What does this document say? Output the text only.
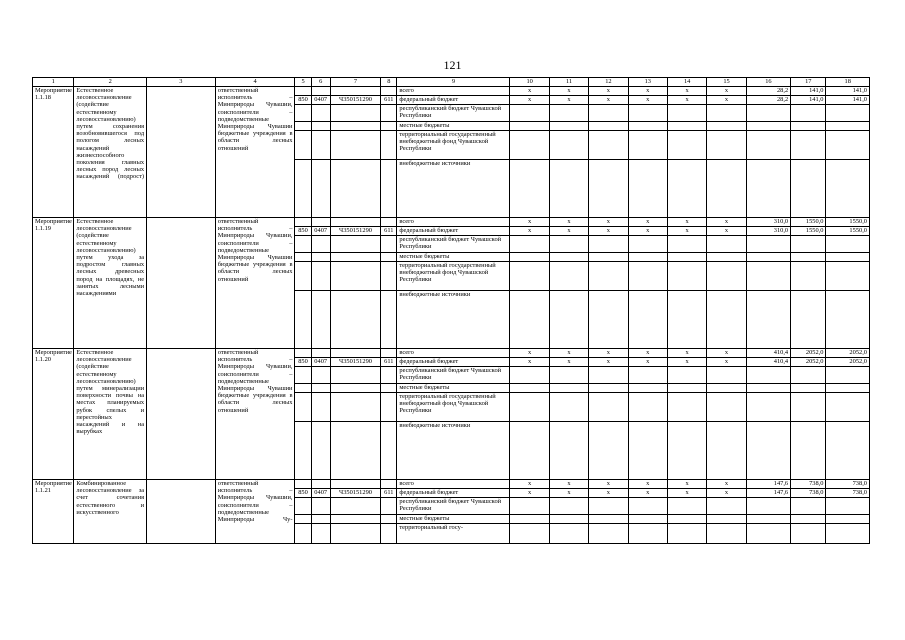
121
1	2	3	4	5	6	7	8	9	10	11	12	13	14	15	16	17	18
Мероприятие 1.1.18	Естественное лесовосстановление (содействие естественному лесовосстановлению) путем сохранения возобновившегося под пологом лесных насаждений жизнеспособного поколения главных лесных пород лесных насаждений (подрост)		ответственный исполнитель – Минприроды Чувашии, соисполнители – подведомственные Минприроды Чувашии бюджетные учреждения в области лесных отношений					всего	x	x	x	x	x	x	28,2	141,0	141,0
				850	0407	Ч350151290	611	федеральный бюджет	x	x	x	x	x	x	28,2	141,0	141,0
								республиканский бюджет Чувашской Республики									
								местные бюджеты									
								территориальный государственный внебюджетный фонд Чувашской Республики									
								внебюджетные источники									
Мероприятие 1.1.19	Естественное лесовосстановление (содействие естественному лесовосстановлению) путем ухода за подростом главных лесных древесных пород на площадях, не занятых лесными насаждениями		ответственный исполнитель – Минприроды Чувашии, соисполнители – подведомственные Минприроды Чувашии бюджетные учреждения в области лесных отношений					всего	x	x	x	x	x	x	310,0	1550,0	1550,0
				850	0407	Ч350151290	611	федеральный бюджет	x	x	x	x	x	x	310,0	1550,0	1550,0
								республиканский бюджет Чувашской Республики									
								местные бюджеты									
								территориальный государственный внебюджетный фонд Чувашской Республики									
								внебюджетные источники									
Мероприятие 1.1.20	Естественное лесовосстановление (содействие естественному лесовосстановлению) путем минерализации поверхности почвы на местах планируемых рубок спелых и перестойных насаждений и на вырубках		ответственный исполнитель – Минприроды Чувашии, соисполнители – подведомственные Минприроды Чувашии бюджетные учреждения в области лесных отношений					всего	x	x	x	x	x	x	410,4	2052,0	2052,0
				850	0407	Ч350151290	611	федеральный бюджет	x	x	x	x	x	x	410,4	2052,0	2052,0
								республиканский бюджет Чувашской Республики									
								местные бюджеты									
								территориальный государственный внебюджетный фонд Чувашской Республики									
								внебюджетные источники									
Мероприятие 1.1.21	Комбинированное лесовосстановление за счет сочетания естественного и искусственного		ответственный исполнитель – Минприроды Чувашии, соисполнители – подведомственные Минприроды Чу-					всего	x	x	x	x	x	x	147,6	738,0	738,0
				850	0407	Ч350151290	611	федеральный бюджет	x	x	x	x	x	x	147,6	738,0	738,0
								республиканский бюджет Чувашской Республики									
								местные бюджеты									
								территориальный госу-									
